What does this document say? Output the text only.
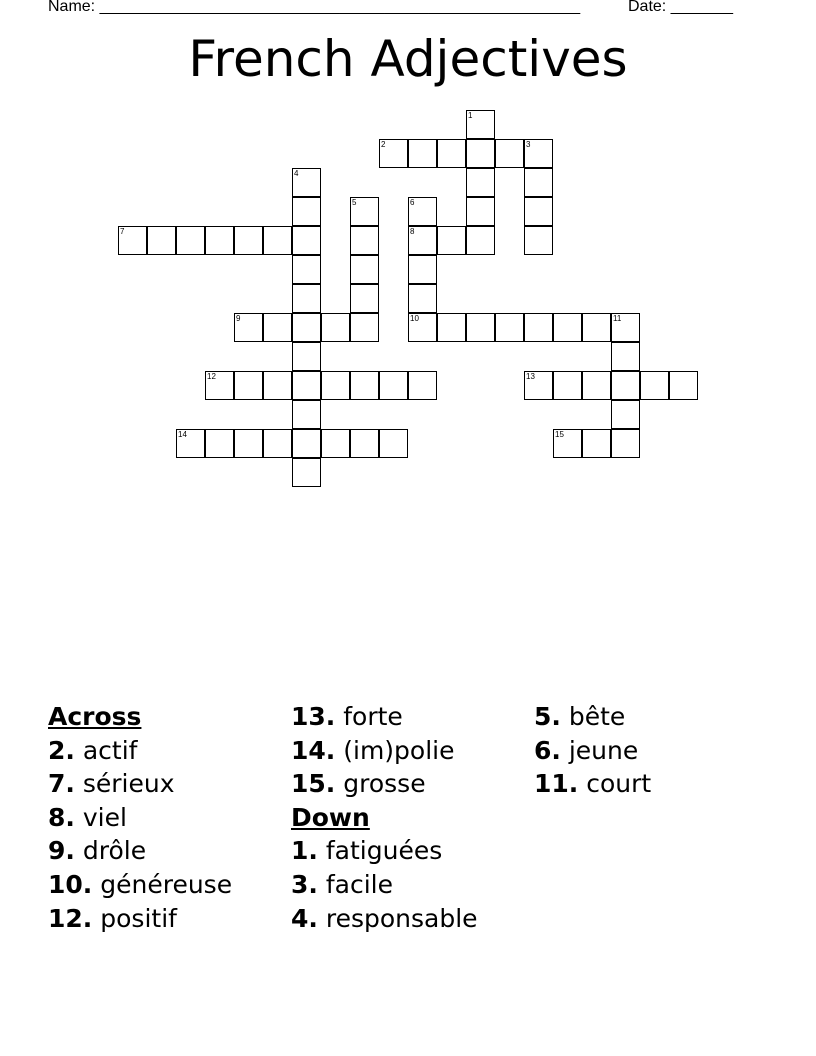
Name: ______________________________________________________	Date: _______
French Adjectives
1
2	3
4
5	6
8
7
9	10	11
12	13
14	15
Across
2. actif
7. sérieux
8. viel
9. drôle
10. généreuse
12. positif
13. forte
14. (im)polie
15. grosse
Down
1. fatiguées
3. facile
4. responsable
5. bête
6. jeune
11. court
